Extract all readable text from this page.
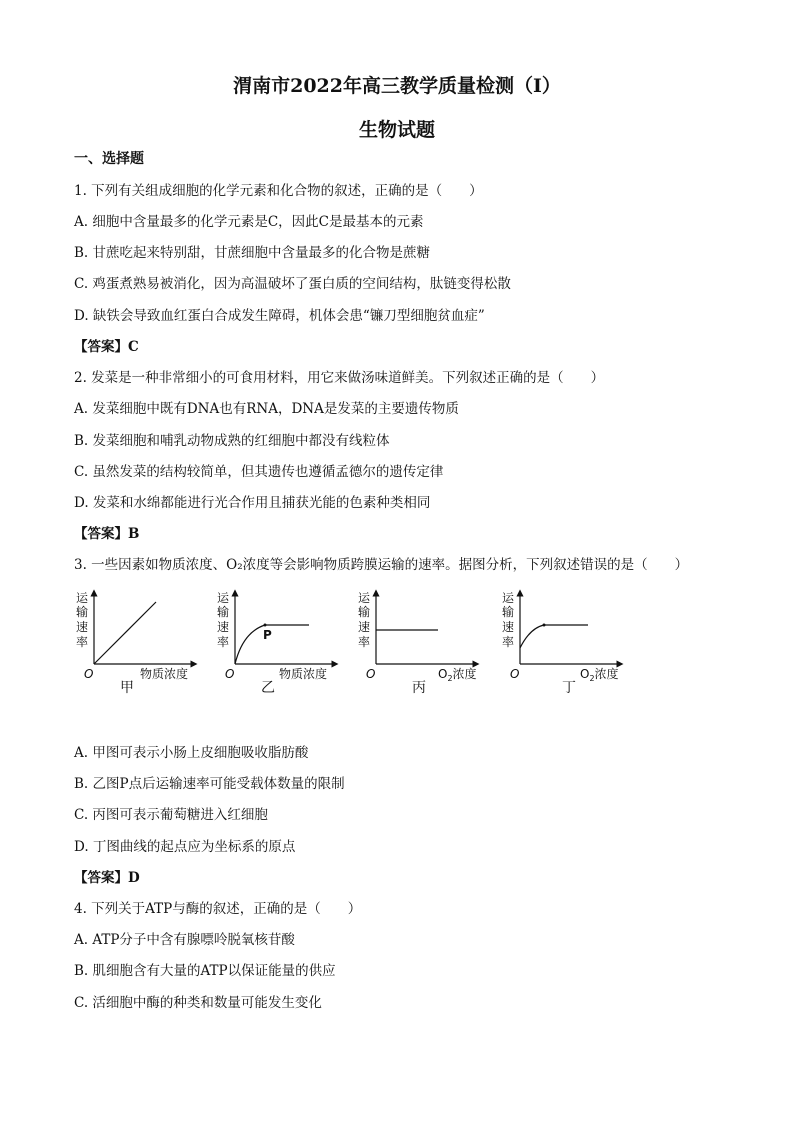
渭南市2022年高三教学质量检测（I）
生物试题
一、选择题
1. 下列有关组成细胞的化学元素和化合物的叙述，正确的是（　　）
A. 细胞中含量最多的化学元素是C，因此C是最基本的元素
B. 甘蔗吃起来特别甜，甘蔗细胞中含量最多的化合物是蔗糖
C. 鸡蛋煮熟易被消化，因为高温破坏了蛋白质的空间结构，肽链变得松散
D. 缺铁会导致血红蛋白合成发生障碍，机体会患“镰刀型细胞贫血症”
【答案】C
2. 发菜是一种非常细小的可食用材料，用它来做汤味道鲜美。下列叙述正确的是（　　）
A. 发菜细胞中既有DNA也有RNA，DNA是发菜的主要遗传物质
B. 发菜细胞和哺乳动物成熟的红细胞中都没有线粒体
C. 虽然发菜的结构较简单，但其遗传也遵循孟德尔的遗传定律
D. 发菜和水绵都能进行光合作用且捕获光能的色素种类相同
【答案】B
3. 一些因素如物质浓度、O₂浓度等会影响物质跨膜运输的速率。据图分析，下列叙述错误的是（　　）
运
输
速
率
O	物质浓度
甲
运
输
速
率	P
O	物质浓度
乙
运
输
速
率
O	$O_2$浓度
丙
运
输
速
率
O	$O_2$浓度
丁
A. 甲图可表示小肠上皮细胞吸收脂肪酸
B. 乙图P点后运输速率可能受载体数量的限制
C. 丙图可表示葡萄糖进入红细胞
D. 丁图曲线的起点应为坐标系的原点
【答案】D
4. 下列关于ATP与酶的叙述，正确的是（　　）
A. ATP分子中含有腺嘌呤脱氧核苷酸
B. 肌细胞含有大量的ATP以保证能量的供应
C. 活细胞中酶的种类和数量可能发生变化
